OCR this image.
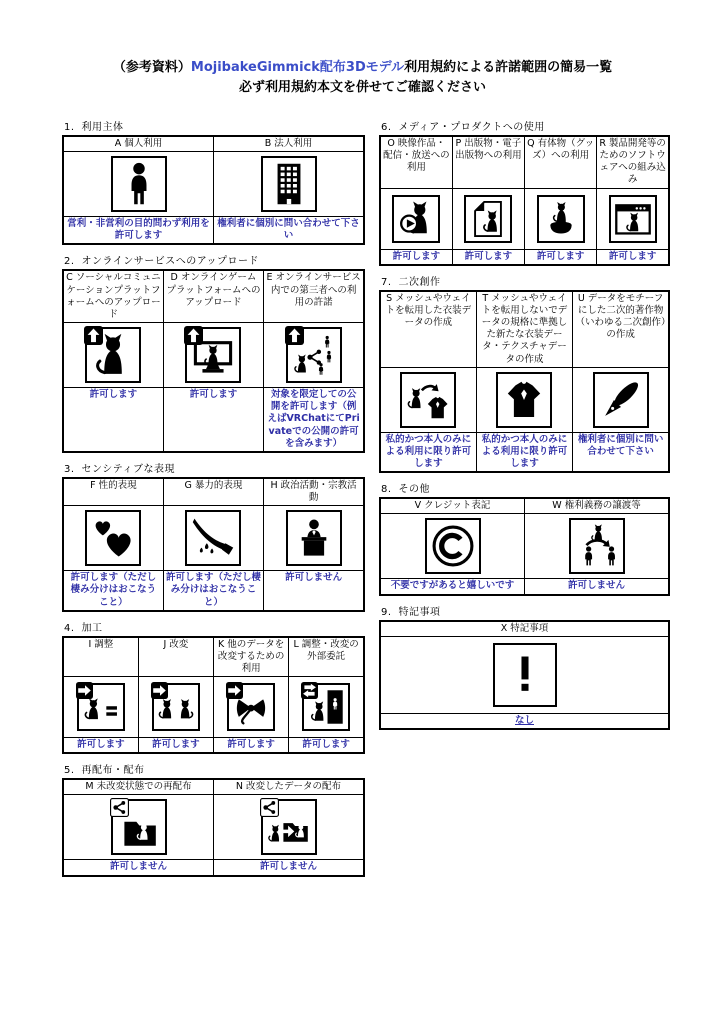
（参考資料）MojibakeGimmick配布3Dモデル利用規約による許諾範囲の簡易一覧
必ず利用規約本文を併せてご確認ください
1. 利用主体
A 個人利用	B 法人利用

営利・非営利の目的問わず利用を許可します	権利者に個別に問い合わせて下さい
2. オンラインサービスへのアップロード
C ソーシャルコミュニケーションプラットフォームへのアップロード	D オンラインゲームプラットフォームへのアップロード	E オンラインサービス内での第三者への利用の許諾

許可します	許可します	対象を限定しての公開を許可します（例えばVRChatにてPrivateでの公開の許可を含みます）
3. センシティブな表現
F 性的表現	G 暴力的表現	H 政治活動・宗教活動

許可します（ただし棲み分けはおこなうこと）	許可します（ただし棲み分けはおこなうこと）	許可しません
4. 加工
I 調整	J 改変	K 他のデータを改変するための利用	L 調整・改変の外部委託

許可します	許可します	許可します	許可します
5. 再配布・配布
M 未改変状態での再配布	N 改変したデータの配布

許可しません	許可しません
6. メディア・プロダクトへの使用
O 映像作品・配信・放送への利用	P 出版物・電子出版物への利用	Q 有体物（グッズ）への利用	R 製品開発等のためのソフトウェアへの組み込み

許可します	許可します	許可します	許可します
7. 二次創作
S メッシュやウェイトを転用した衣装データの作成	T メッシュやウェイトを転用しないでデータの規格に準拠した新たな衣装データ・テクスチャデータの作成	U データをモチーフにした二次的著作物（いわゆる二次創作）の作成

私的かつ本人のみによる利用に限り許可します	私的かつ本人のみによる利用に限り許可します	権利者に個別に問い合わせて下さい
8. その他
V クレジット表記	W 権利義務の譲渡等

不要ですがあると嬉しいです	許可しません
9. 特記事項
X 特記事項

なし
